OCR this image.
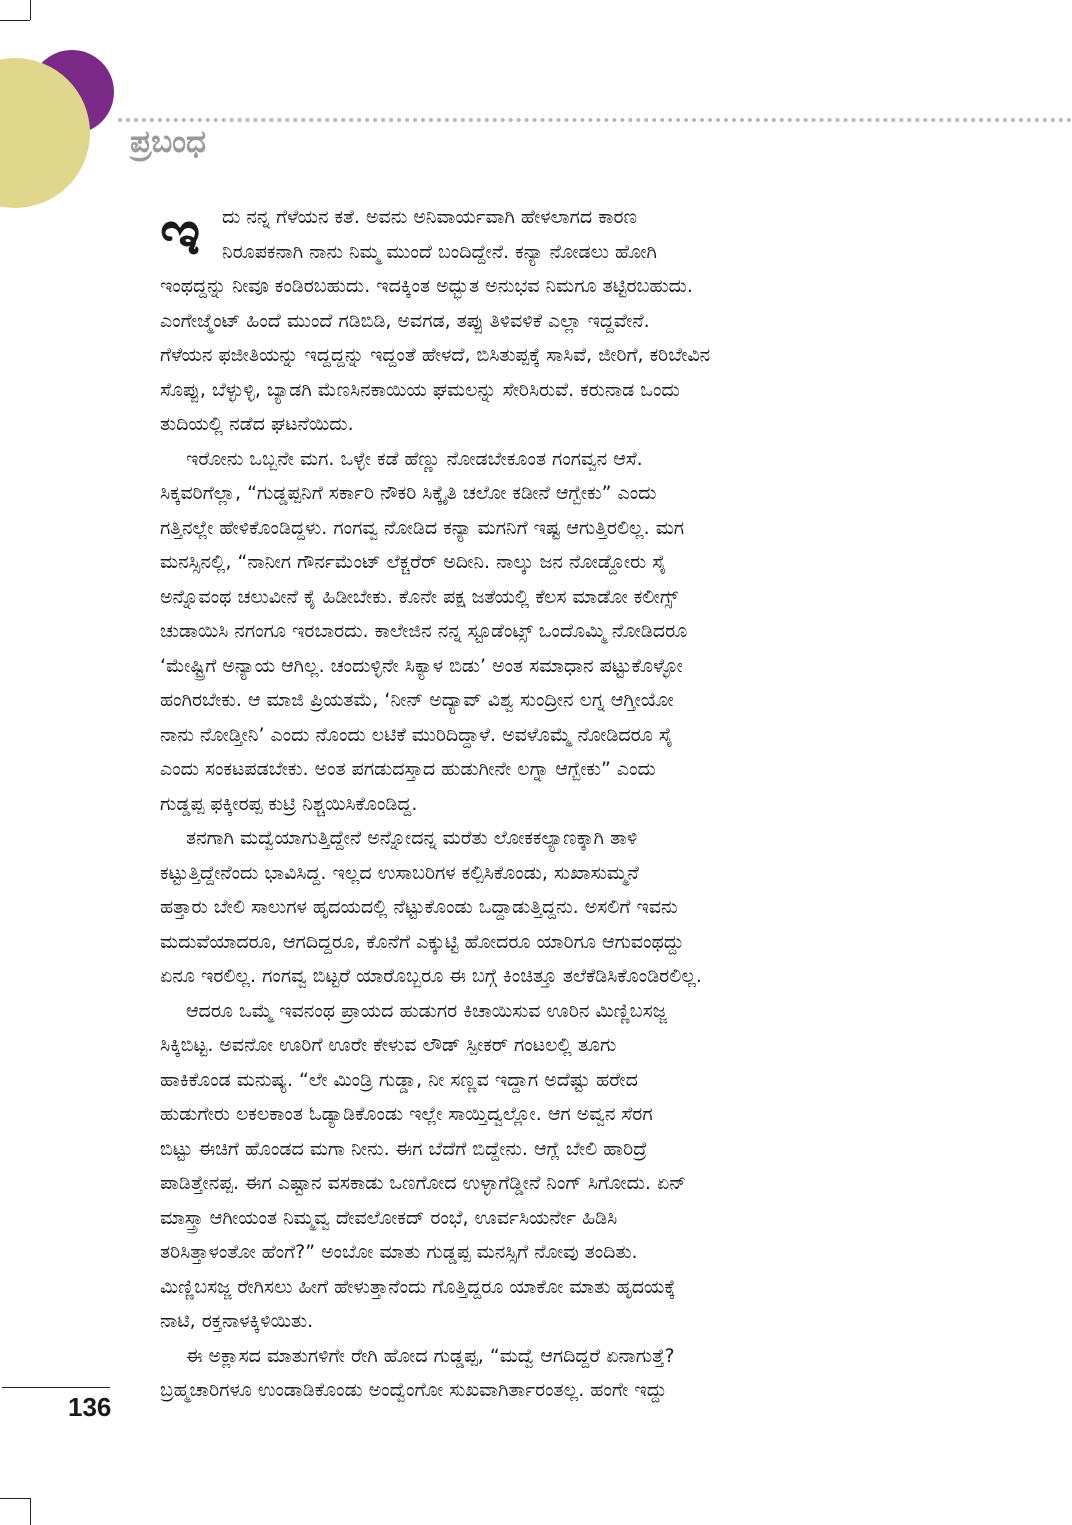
ಪ್ರಬಂಧ
ಇ	ದು ನನ್ನ ಗೆಳೆಯನ ಕತೆ. ಅವನು ಅನಿವಾರ್ಯವಾಗಿ ಹೇಳಲಾಗದ ಕಾರಣ
ನಿರೂಪಕನಾಗಿ ನಾನು ನಿಮ್ಮ ಮುಂದೆ ಬಂದಿದ್ದೇನೆ. ಕನ್ಯಾ ನೋಡಲು ಹೋಗಿ
ಇಂಥದ್ದನ್ನು ನೀವೂ ಕಂಡಿರಬಹುದು. ಇದಕ್ಕಿಂತ ಅದ್ಭುತ ಅನುಭವ ನಿಮಗೂ ತಟ್ಟಿರಬಹುದು.
ಎಂಗೇಜ್ಮೆಂಟ್ ಹಿಂದೆ ಮುಂದೆ ಗಡಿಬಿಡಿ, ಅವಗಡ, ತಪ್ಪು ತಿಳಿವಳಿಕೆ ಎಲ್ಲಾ ಇದ್ದವೇನೆ.
ಗೆಳೆಯನ ಫಜೀತಿಯನ್ನು ಇದ್ದದ್ದನ್ನು ಇದ್ದಂತೆ ಹೇಳದೆ, ಬಿಸಿತುಪ್ಪಕ್ಕೆ ಸಾಸಿವೆ, ಜೀರಿಗೆ, ಕರಿಬೇವಿನ
ಸೊಪ್ಪು, ಬೆಳ್ಳುಳ್ಳಿ, ಬ್ಯಾಡಗಿ ಮೆಣಸಿನಕಾಯಿಯ ಘಮಲನ್ನು ಸೇರಿಸಿರುವೆ. ಕರುನಾಡ ಒಂದು
ತುದಿಯಲ್ಲಿ ನಡೆದ ಘಟನೆಯಿದು.
ಇರೋನು ಒಬ್ಬನೇ ಮಗ. ಒಳ್ಳೇ ಕಡೆ ಹೆಣ್ಣು ನೋಡಬೇಕೂಂತ ಗಂಗವ್ವನ ಆಸೆ.
ಸಿಕ್ಕವರಿಗೆಲ್ಲಾ, “ಗುಡ್ಡಪ್ಪನಿಗೆ ಸರ್ಕಾರಿ ನೌಕರಿ ಸಿಕ್ಕೈತಿ ಚಲೋ ಕಡೀನೆ ಆಗ್ಬೇಕು” ಎಂದು
ಗತ್ತಿನಲ್ಲೇ ಹೇಳಿಕೊಂಡಿದ್ದಳು. ಗಂಗವ್ವ ನೋಡಿದ ಕನ್ಯಾ ಮಗನಿಗೆ ಇಷ್ಟ ಆಗುತ್ತಿರಲಿಲ್ಲ. ಮಗ
ಮನಸ್ಸಿನಲ್ಲಿ, “ನಾನೀಗ ಗೌರ್ನಮೆಂಟ್ ಲೆಕ್ಚರೆರ್ ಅದೀನಿ. ನಾಲ್ಕು ಜನ ನೋಡ್ದೋರು ಸೈ
ಅನ್ನೊವಂಥ ಚಲುವೀನೆ ಕೈ ಹಿಡೀಬೇಕು. ಕೊನೇ ಪಕ್ಷ ಜತೆಯಲ್ಲಿ ಕೆಲಸ ಮಾಡೋ ಕಲೀಗ್ಸ್
ಚುಡಾಯಿಸಿ ನಗಂಗೂ ಇರಬಾರದು. ಕಾಲೇಜಿನ ನನ್ನ ಸ್ಟೂಡೆಂಟ್ಸ್ ಒಂದೊಮ್ಮಿ ನೋಡಿದರೂ
‘ಮೇಷ್ಟ್ರಿಗೆ ಅನ್ಯಾಯ ಆಗಿಲ್ಲ. ಚಂದುಳ್ಳಿನೇ ಸಿಕ್ಯಾಳ ಬಿಡು’ ಅಂತ ಸಮಾಧಾನ ಪಟ್ಟುಕೊಳ್ಳೋ
ಹಂಗಿರಬೇಕು. ಆ ಮಾಜಿ ಪ್ರಿಯತಮೆ, ‘ನೀನ್ ಅದ್ಯಾವ್ ವಿಶ್ವ ಸುಂದ್ರೀನ ಲಗ್ನ ಆಗ್ತೀಯೋ
ನಾನು ನೋಡ್ತೀನಿ’ ಎಂದು ನೊಂದು ಲಟಿಕೆ ಮುರಿದಿದ್ದಾಳೆ. ಅವಳೊಮ್ಮೆ ನೋಡಿದರೂ ಸೈ
ಎಂದು ಸಂಕಟಪಡಬೇಕು. ಅಂತ ಪಗಡುದಸ್ತಾದ ಹುಡುಗೀನೇ ಲಗ್ನಾ ಆಗ್ಬೇಕು” ಎಂದು
ಗುಡ್ಡಪ್ಪ ಫಕ್ಕೀರಪ್ಪ ಕುಟ್ರಿ ನಿಶ್ಚಯಿಸಿಕೊಂಡಿದ್ದ.
ತನಗಾಗಿ ಮದ್ವೆಯಾಗುತ್ತಿದ್ದೇನೆ ಅನ್ನೋದನ್ನ ಮರೆತು ಲೋಕಕಲ್ಯಾಣಕ್ಕಾಗಿ ತಾಳಿ
ಕಟ್ಟುತ್ತಿದ್ದೇನೆಂದು ಭಾವಿಸಿದ್ದ. ಇಲ್ಲದ ಉಸಾಬರಿಗಳ ಕಲ್ಪಿಸಿಕೊಂಡು, ಸುಖಾಸುಮ್ಮನೆ
ಹತ್ತಾರು ಬೇಲಿ ಸಾಲುಗಳ ಹೃದಯದಲ್ಲಿ ನೆಟ್ಟುಕೊಂಡು ಒದ್ದಾಡುತ್ತಿದ್ದನು. ಅಸಲಿಗೆ ಇವನು
ಮದುವೆಯಾದರೂ, ಆಗದಿದ್ದರೂ, ಕೊನೆಗೆ ಎಕ್ಕುಟ್ಟಿ ಹೋದರೂ ಯಾರಿಗೂ ಆಗುವಂಥದ್ದು
ಏನೂ ಇರಲಿಲ್ಲ. ಗಂಗವ್ವ ಬಿಟ್ಟರೆ ಯಾರೊಬ್ಬರೂ ಈ ಬಗ್ಗೆ ಕಿಂಚಿತ್ತೂ ತಲೆಕೆಡಿಸಿಕೊಂಡಿರಲಿಲ್ಲ.
ಆದರೂ ಒಮ್ಮೆ ಇವನಂಥ ಪ್ರಾಯದ ಹುಡುಗರ ಕಿಚಾಯಿಸುವ ಊರಿನ ಮಿಣ್ಣಿಬಸಜ್ಜ
ಸಿಕ್ಕಿಬಿಟ್ಟ. ಅವನೋ ಊರಿಗೆ ಊರೇ ಕೇಳುವ ಲೌಡ್ ಸ್ಪೀಕರ್ ಗಂಟಲಲ್ಲಿ ತೂಗು
ಹಾಕಿಕೊಂಡ ಮನುಷ್ಯ. “ಲೇ ಮಿಂಡ್ರಿ ಗುಡ್ಡಾ, ನೀ ಸಣ್ಣವ ಇದ್ದಾಗ ಅದೆಷ್ಟು ಹರೇದ
ಹುಡುಗೇರು ಲಕಲಕಾಂತ ಓಡ್ಯಾಡಿಕೊಂಡು ಇಲ್ಲೇ ಸಾಯ್ತಿದ್ವಲ್ಲೋ. ಆಗ ಅವ್ವನ ಸೆರಗ
ಬಿಟ್ಟು ಈಚಿಗೆ ಹೊಂಡದ ಮಗಾ ನೀನು. ಈಗ ಬೆದೆಗೆ ಬಿದ್ದೇನು. ಆಗ್ಲೆ ಬೇಲಿ ಹಾರಿದ್ರೆ
ಪಾಡಿತ್ತೇನಪ್ಪ. ಈಗ ಎಷ್ಟಾನ ವಸಕಾಡು ಒಣಗೋದ ಉಳ್ಳಾಗೆಡ್ಡೀನೆ ನಿಂಗ್ ಸಿಗೋದು. ಏನ್
ಮಾಸ್ತ್ರಾ ಆಗೀಯಂತ ನಿಮ್ಮವ್ವ ದೇವಲೋಕದ್ ರಂಭೆ, ಊರ್ವಸಿಯರ್ನೇ ಹಿಡಿಸಿ
ತರಿಸಿತ್ತಾಳಂತೋ ಹೆಂಗೆ?” ಅಂಬೋ ಮಾತು ಗುಡ್ಡಪ್ಪ ಮನಸ್ಸಿಗೆ ನೋವು ತಂದಿತು.
ಮಿಣ್ಣಿಬಸಜ್ಜ ರೇಗಿಸಲು ಹೀಗೆ ಹೇಳುತ್ತಾನೆಂದು ಗೊತ್ತಿದ್ದರೂ ಯಾಕೋ ಮಾತು ಹೃದಯಕ್ಕೆ
ನಾಟಿ, ರಕ್ತನಾಳಕ್ಕಿಳಿಯಿತು.
ಈ ಅಕ್ಲಾಸದ ಮಾತುಗಳಿಗೇ ರೇಗಿ ಹೋದ ಗುಡ್ಡಪ್ಪ, “ಮದ್ವೆ ಆಗದಿದ್ದರೆ ಏನಾಗುತ್ತೆ?
ಬ್ರಹ್ಮಚಾರಿಗಳೂ ಉಂಡಾಡಿಕೊಂಡು ಅಂದ್ವೆಂಗೋ ಸುಖವಾಗಿರ್ತಾರಂತಲ್ಲ. ಹಂಗೇ ಇದ್ದು
136
